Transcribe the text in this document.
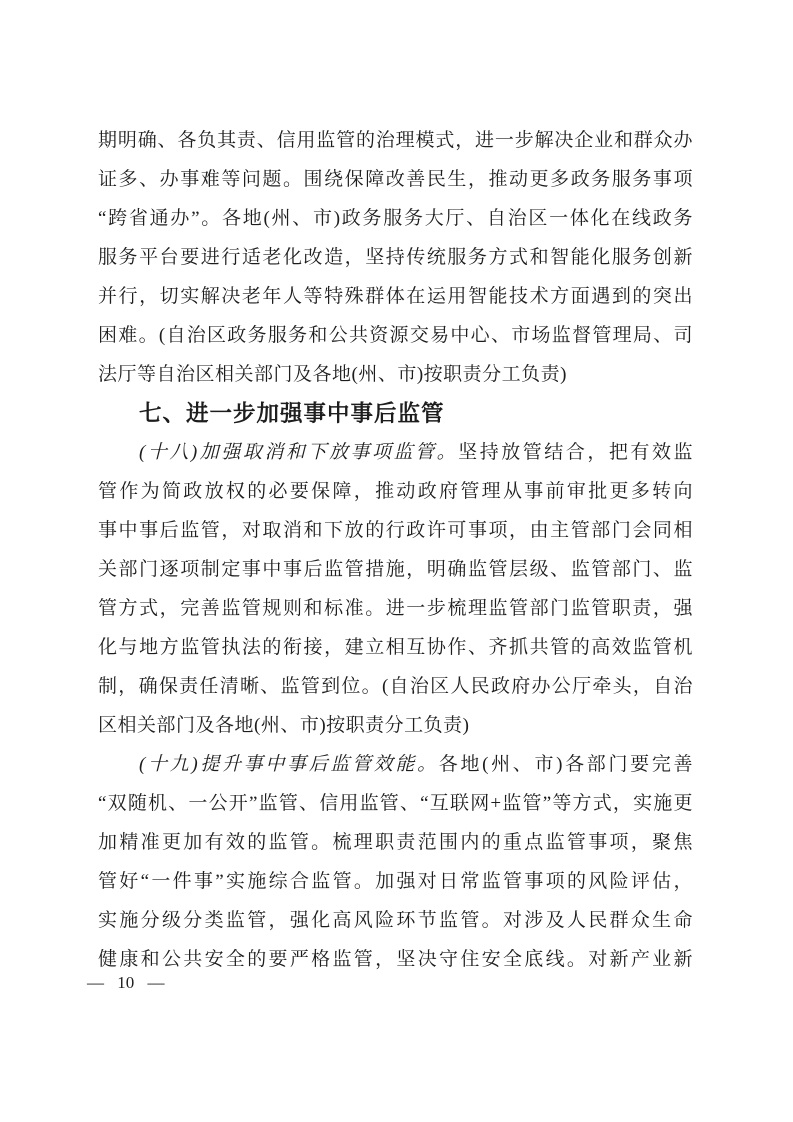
期明确、各负其责、信用监管的治理模式，进一步解决企业和群众办
证多、办事难等问题。围绕保障改善民生，推动更多政务服务事项
“跨省通办”。各地(州、市)政务服务大厅、自治区一体化在线政务
服务平台要进行适老化改造，坚持传统服务方式和智能化服务创新
并行，切实解决老年人等特殊群体在运用智能技术方面遇到的突出
困难。(自治区政务服务和公共资源交易中心、市场监督管理局、司
法厅等自治区相关部门及各地(州、市)按职责分工负责)
七、进一步加强事中事后监管
(十八)加强取消和下放事项监管。坚持放管结合，把有效监
管作为简政放权的必要保障，推动政府管理从事前审批更多转向
事中事后监管，对取消和下放的行政许可事项，由主管部门会同相
关部门逐项制定事中事后监管措施，明确监管层级、监管部门、监
管方式，完善监管规则和标准。进一步梳理监管部门监管职责，强
化与地方监管执法的衔接，建立相互协作、齐抓共管的高效监管机
制，确保责任清晰、监管到位。(自治区人民政府办公厅牵头，自治
区相关部门及各地(州、市)按职责分工负责)
(十九)提升事中事后监管效能。各地(州、市)各部门要完善
“双随机、一公开”监管、信用监管、“互联网+监管”等方式，实施更
加精准更加有效的监管。梳理职责范围内的重点监管事项，聚焦
管好“一件事”实施综合监管。加强对日常监管事项的风险评估，
实施分级分类监管，强化高风险环节监管。对涉及人民群众生命
健康和公共安全的要严格监管，坚决守住安全底线。对新产业新
— 10 —
